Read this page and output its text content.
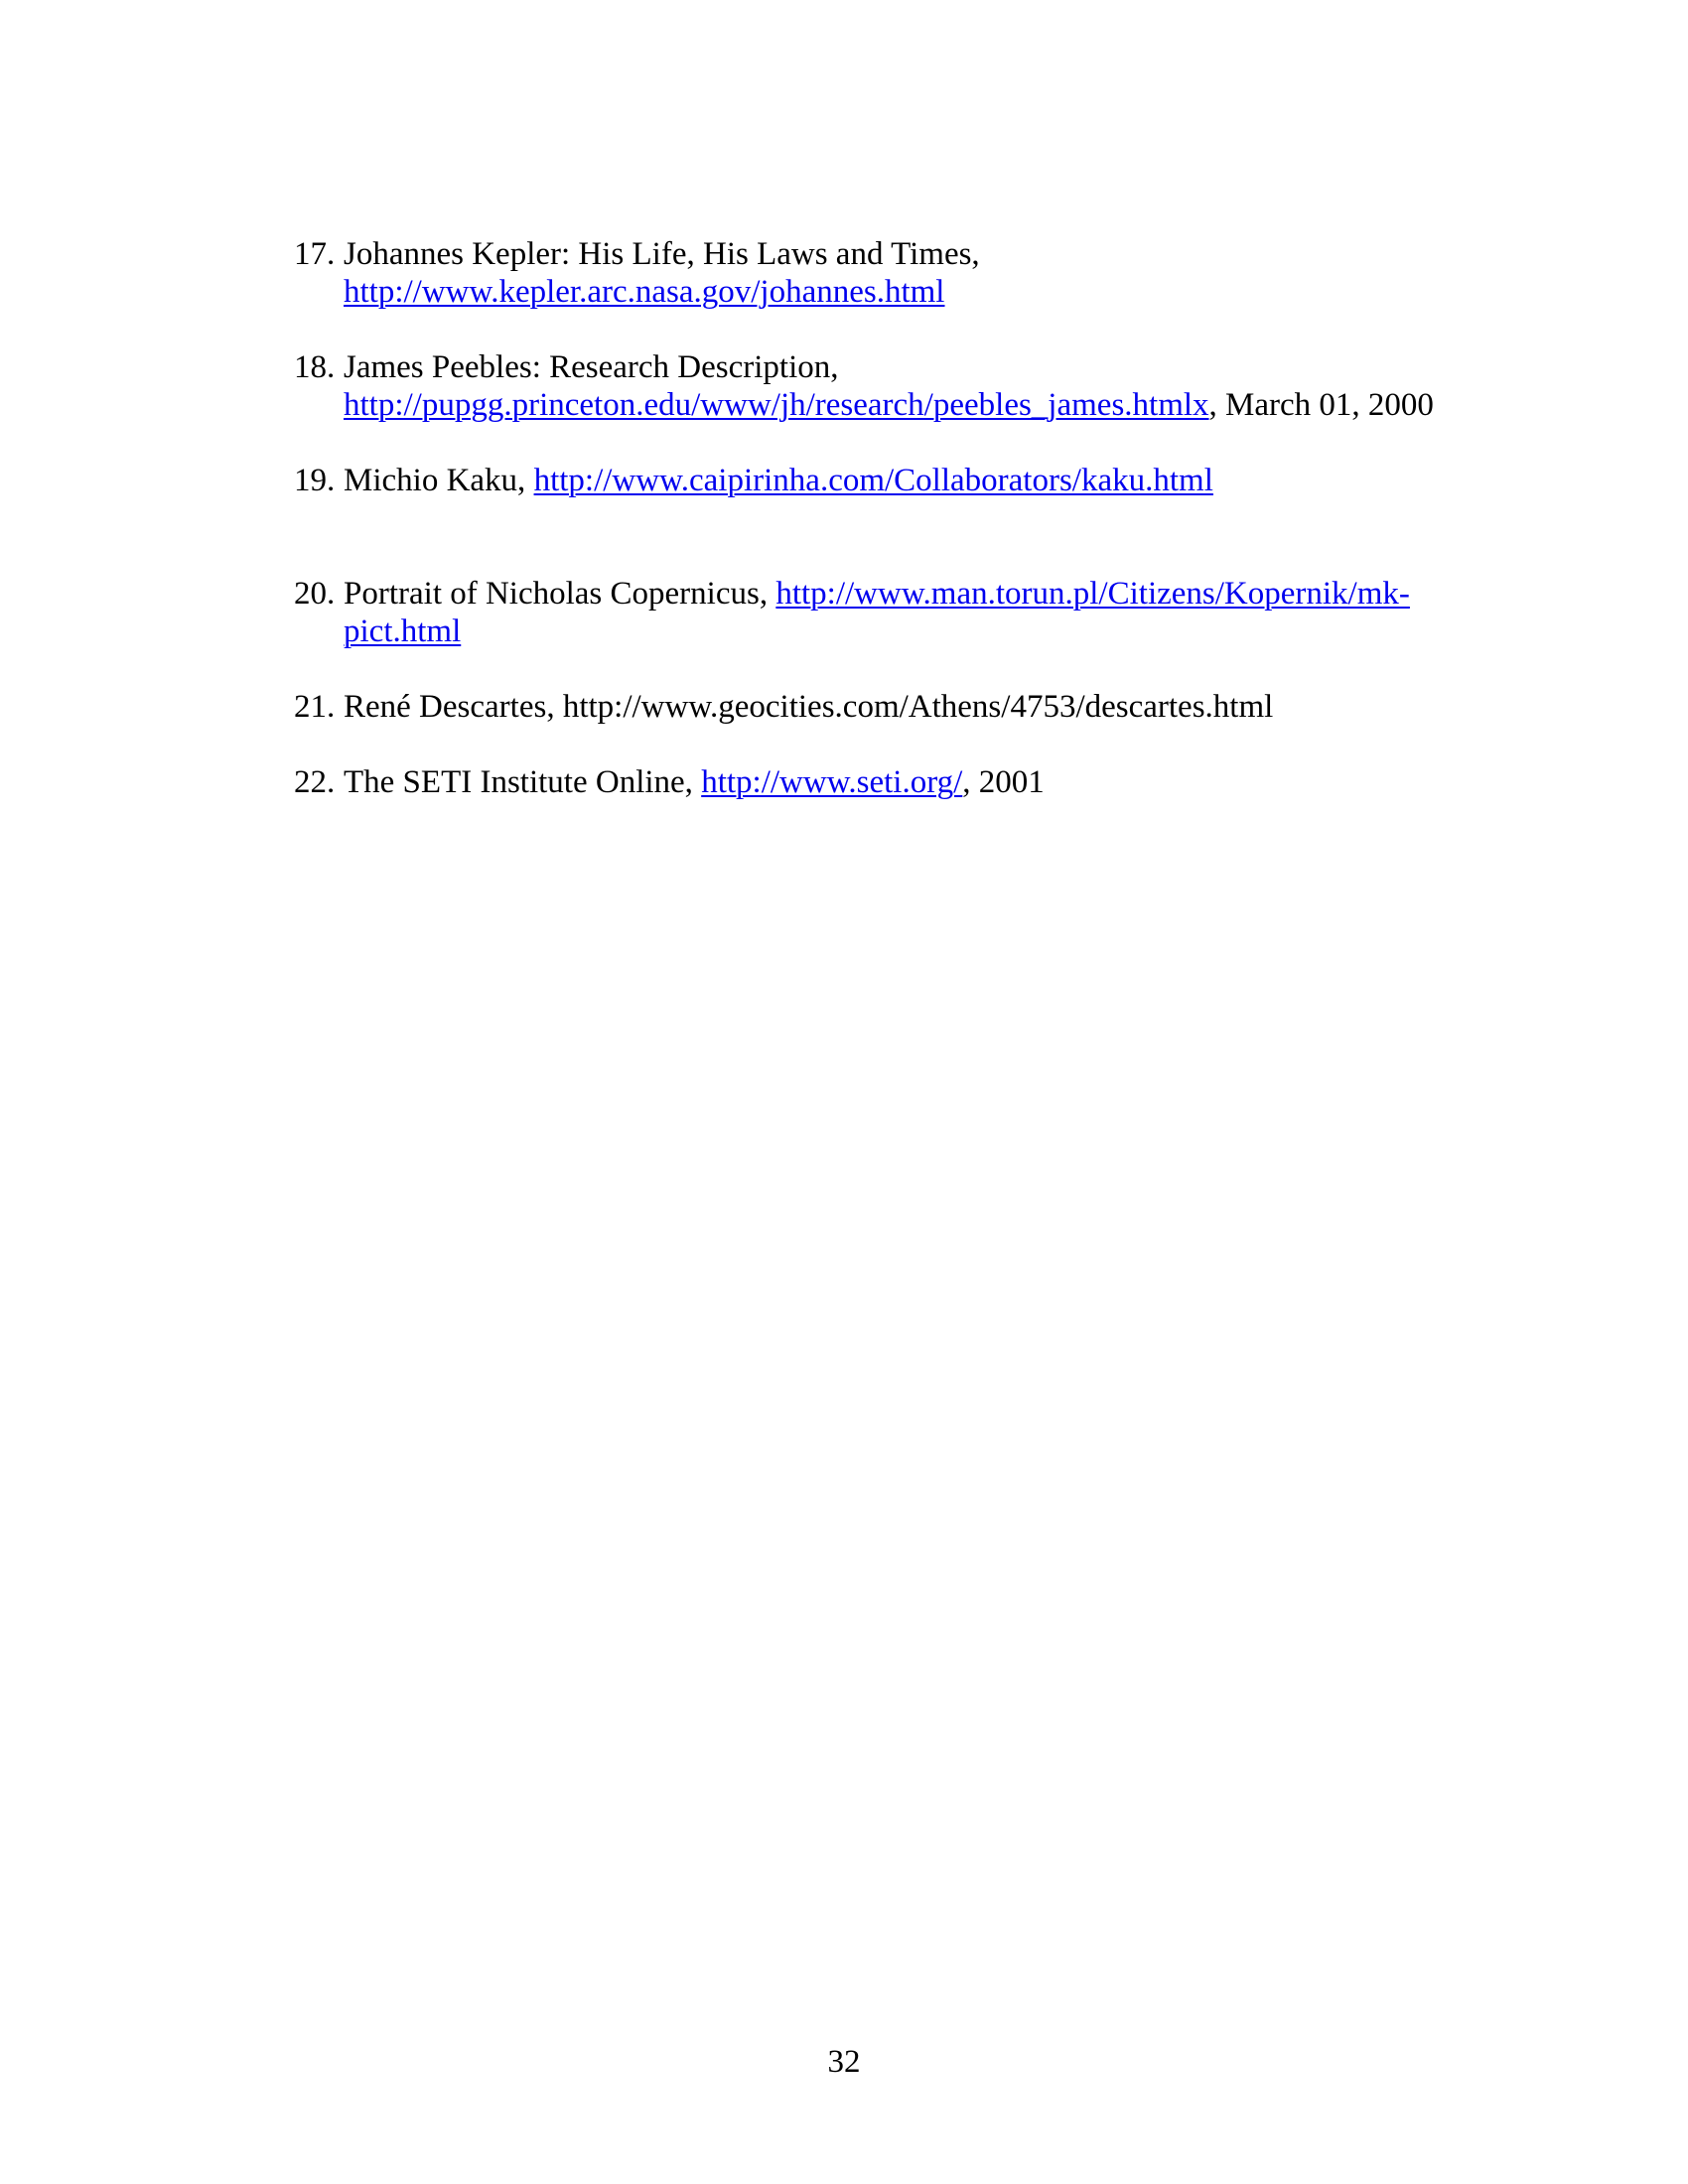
17. Johannes Kepler: His Life, His Laws and Times,
http://www.kepler.arc.nasa.gov/johannes.html
18. James Peebles: Research Description,
http://pupgg.princeton.edu/www/jh/research/peebles_james.htmlx, March 01, 2000
19. Michio Kaku, http://www.caipirinha.com/Collaborators/kaku.html
20. Portrait of Nicholas Copernicus, http://www.man.torun.pl/Citizens/Kopernik/mk-pict.html
21. René Descartes, http://www.geocities.com/Athens/4753/descartes.html
22. The SETI Institute Online, http://www.seti.org/, 2001
32
